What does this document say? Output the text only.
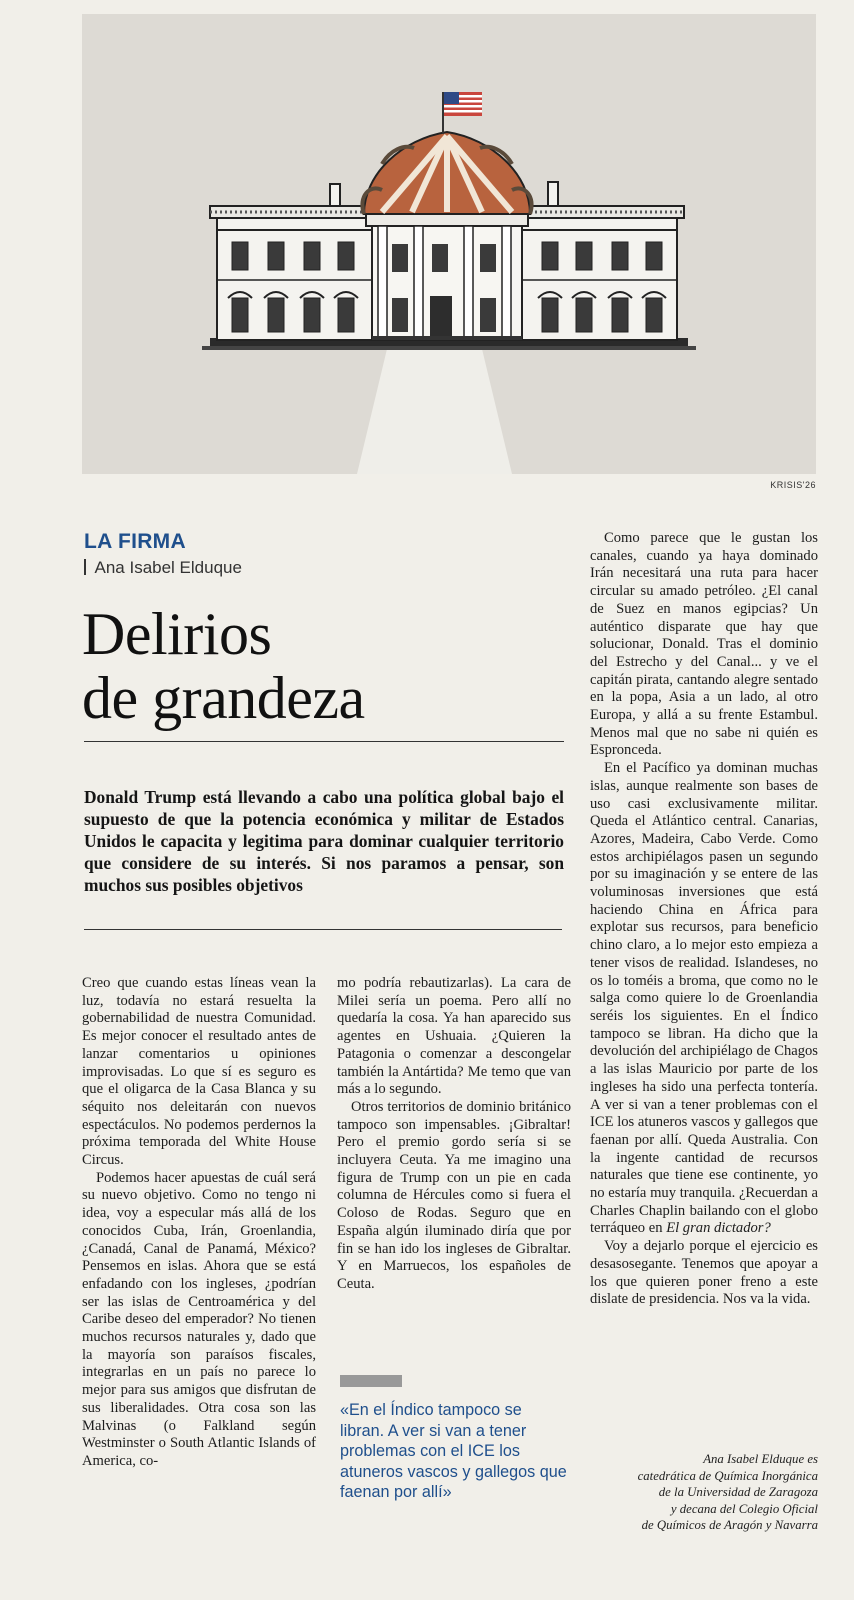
KRISIS'26
LA FIRMA
Ana Isabel Elduque
Delirios
de grandeza

Donald Trump está llevando a cabo una política global bajo el supuesto de que la potencia económica y militar de Estados Unidos le capacita y legitima para dominar cualquier territorio que considere de su interés. Si nos paramos a pensar, son muchos sus posibles objetivos

Creo que cuando estas líneas vean la luz, todavía no estará resuelta la gobernabilidad de nuestra Comunidad. Es mejor conocer el resultado antes de lanzar comentarios u opiniones improvisadas. Lo que sí es seguro es que el oligarca de la Casa Blanca y su séquito nos deleitarán con nuevos espectáculos. No podemos perdernos la próxima temporada del White House Circus.

Podemos hacer apuestas de cuál será su nuevo objetivo. Como no tengo ni idea, voy a especular más allá de los conocidos Cuba, Irán, Groenlandia, ¿Canadá, Canal de Panamá, México? Pensemos en islas. Ahora que se está enfadando con los ingleses, ¿podrían ser las islas de Centroamérica y del Caribe deseo del emperador? No tienen muchos recursos naturales y, dado que la mayoría son paraísos fiscales, integrarlas en un país no parece lo mejor para sus amigos que disfrutan de sus liberalidades. Otra cosa son las Malvinas (o Falkland según Westminster o South Atlantic Islands of America, co-

mo podría rebautizarlas). La cara de Milei sería un poema. Pero allí no quedaría la cosa. Ya han aparecido sus agentes en Ushuaia. ¿Quieren la Patagonia o comenzar a descongelar también la Antártida? Me temo que van más a lo segundo.

Otros territorios de dominio británico tampoco son impensables. ¡Gibraltar! Pero el premio gordo sería si se incluyera Ceuta. Ya me imagino una figura de Trump con un pie en cada columna de Hércules como si fuera el Coloso de Rodas. Seguro que en España algún iluminado diría que por fin se han ido los ingleses de Gibraltar. Y en Marruecos, los españoles de Ceuta.

«En el Índico tampoco se libran. A ver si van a tener problemas con el ICE los atuneros vascos y gallegos que faenan por allí»

Como parece que le gustan los canales, cuando ya haya dominado Irán necesitará una ruta para hacer circular su amado petróleo. ¿El canal de Suez en manos egipcias? Un auténtico disparate que hay que solucionar, Donald. Tras el dominio del Estrecho y del Canal... y ve el capitán pirata, cantando alegre sentado en la popa, Asia a un lado, al otro Europa, y allá a su frente Estambul. Menos mal que no sabe ni quién es Espronceda.

En el Pacífico ya dominan muchas islas, aunque realmente son bases de uso casi exclusivamente militar. Queda el Atlántico central. Canarias, Azores, Madeira, Cabo Verde. Como estos archipiélagos pasen un segundo por su imaginación y se entere de las voluminosas inversiones que está haciendo China en África para explotar sus recursos, para beneficio chino claro, a lo mejor esto empieza a tener visos de realidad. Islandeses, no os lo toméis a broma, que como no le salga como quiere lo de Groenlandia seréis los siguientes. En el Índico tampoco se libran. Ha dicho que la devolución del archipiélago de Chagos a las islas Mauricio por parte de los ingleses ha sido una perfecta tontería. A ver si van a tener problemas con el ICE los atuneros vascos y gallegos que faenan por allí. Queda Australia. Con la ingente cantidad de recursos naturales que tiene ese continente, yo no estaría muy tranquila. ¿Recuerdan a Charles Chaplin bailando con el globo terráqueo en El gran dictador?

Voy a dejarlo porque el ejercicio es desasosegante. Tenemos que apoyar a los que quieren poner freno a este dislate de presidencia. Nos va la vida.

Ana Isabel Elduque es
catedrática de Química Inorgánica
de la Universidad de Zaragoza
y decana del Colegio Oficial
de Químicos de Aragón y Navarra
